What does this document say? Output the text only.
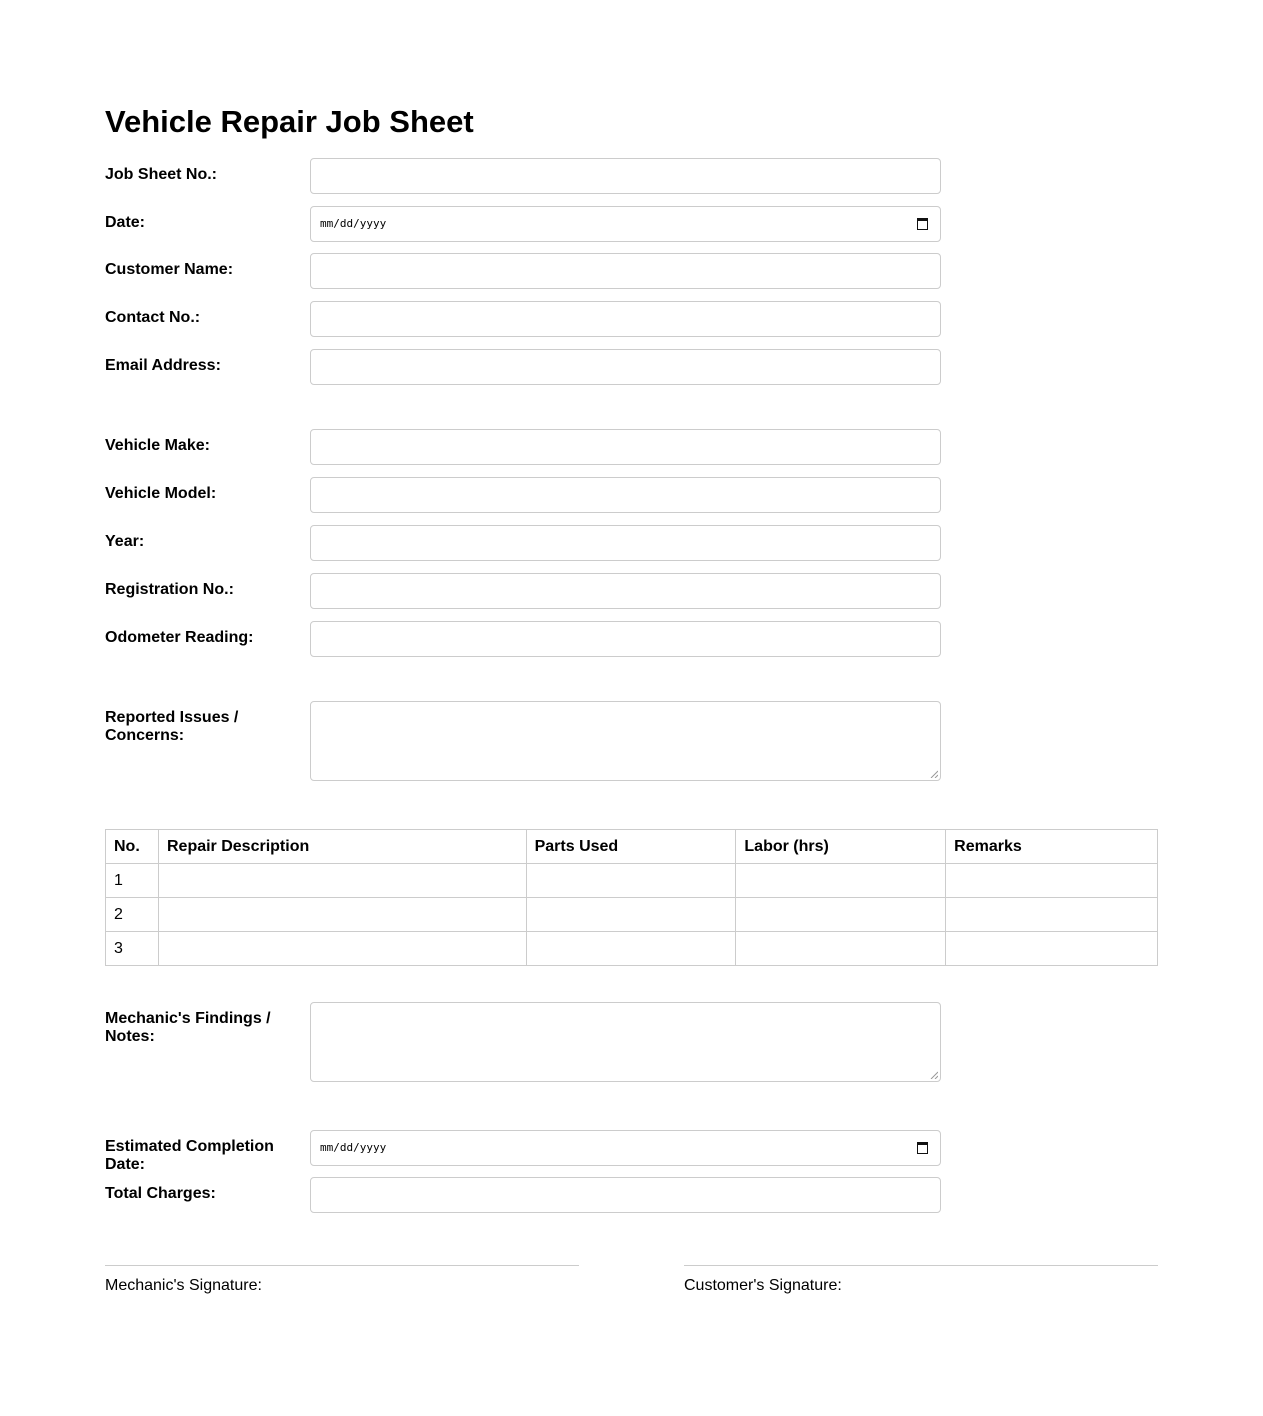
Vehicle Repair Job Sheet
Job Sheet No.:
Date:	mm/dd/yyyy
Customer Name:
Contact No.:
Email Address:
Vehicle Make:
Vehicle Model:
Year:
Registration No.:
Odometer Reading:
Reported Issues / Concerns:
No.	Repair Description	Parts Used	Labor (hrs)	Remarks
1				
2				
3				
Mechanic's Findings / Notes:
Estimated Completion Date:
mm/dd/yyyy
Total Charges:
Mechanic's Signature:	Customer's Signature:
